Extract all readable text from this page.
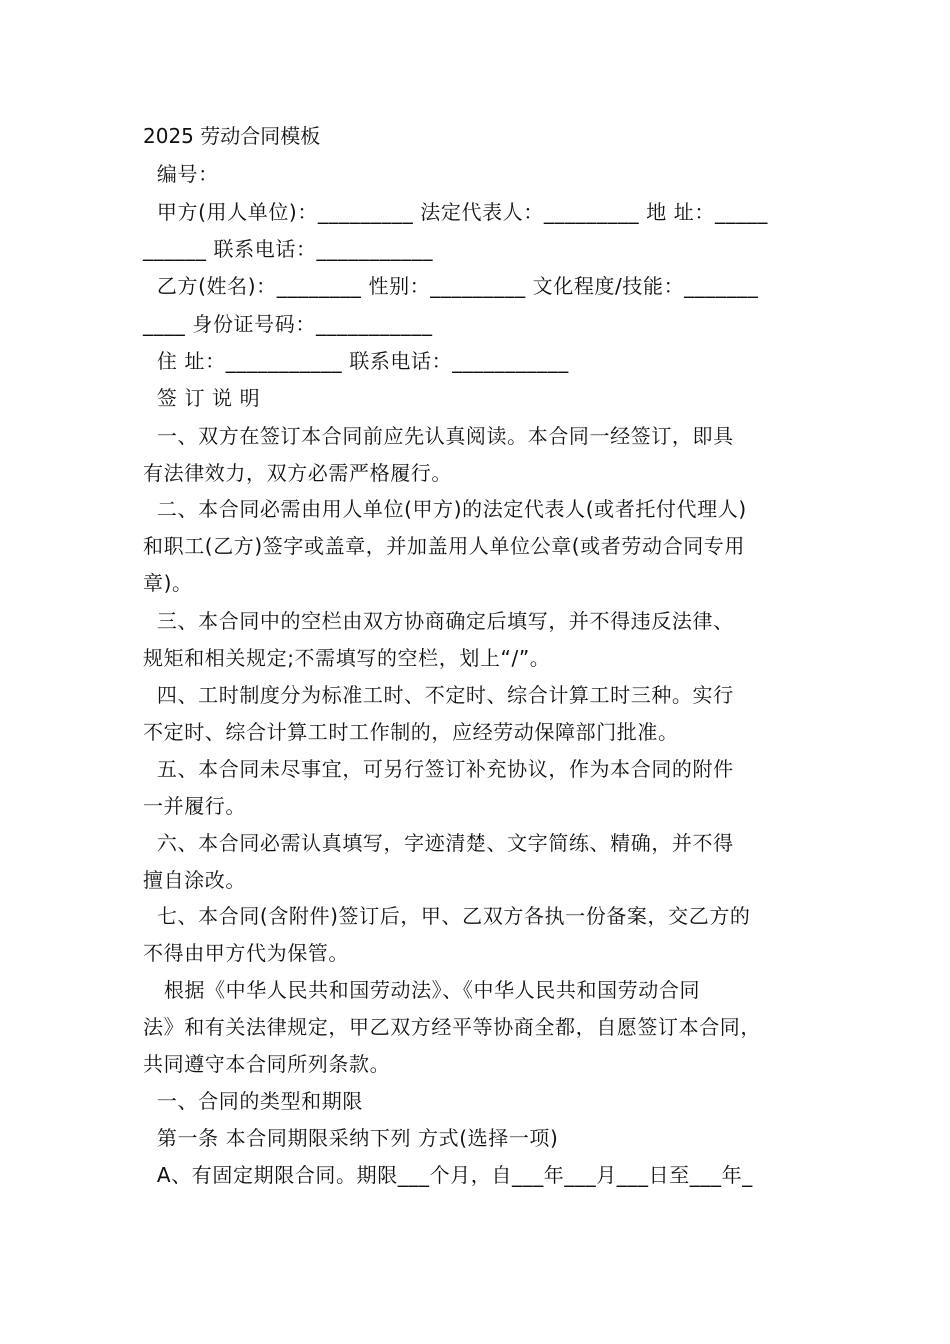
2025 劳动合同模板
编号：
甲方(用人单位)：_________ 法定代表人：_________ 地 址：_____
______ 联系电话：___________
乙方(姓名)：________ 性别：_________ 文化程度/技能：_______
____ 身份证号码：___________
住 址：___________ 联系电话：___________
签 订 说 明
一、双方在签订本合同前应先认真阅读。本合同一经签订，即具
有法律效力，双方必需严格履行。
二、本合同必需由用人单位(甲方)的法定代表人(或者托付代理人)
和职工(乙方)签字或盖章，并加盖用人单位公章(或者劳动合同专用
章)。
三、本合同中的空栏由双方协商确定后填写，并不得违反法律、
规矩和相关规定;不需填写的空栏，划上“/”。
四、工时制度分为标准工时、不定时、综合计算工时三种。实行
不定时、综合计算工时工作制的，应经劳动保障部门批准。
五、本合同未尽事宜，可另行签订补充协议，作为本合同的附件
一并履行。
六、本合同必需认真填写，字迹清楚、文字简练、精确，并不得
擅自涂改。
七、本合同(含附件)签订后，甲、乙双方各执一份备案，交乙方的
不得由甲方代为保管。
根据《中华人民共和国劳动法》、《中华人民共和国劳动合同
法》和有关法律规定，甲乙双方经平等协商全都，自愿签订本合同，
共同遵守本合同所列条款。
一、合同的类型和期限
第一条 本合同期限采纳下列 方式(选择一项)
A、有固定期限合同。期限___个月，自___年___月___日至___年_
